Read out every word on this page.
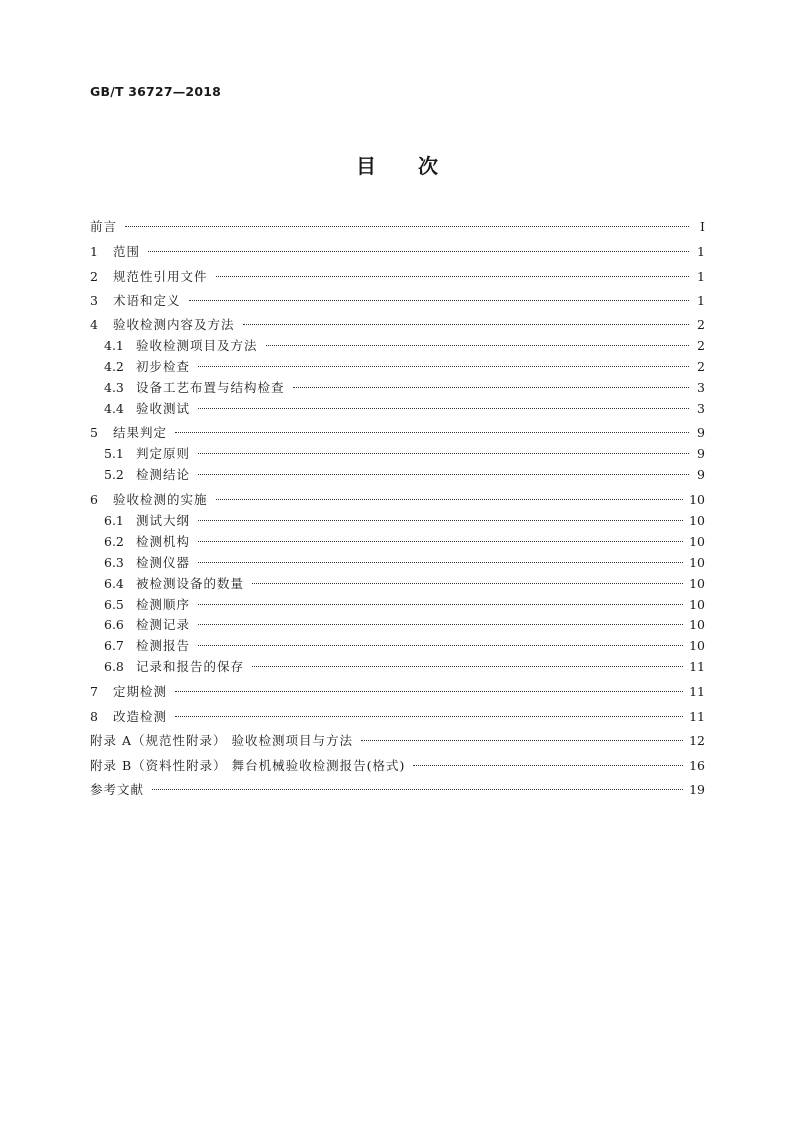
GB/T 36727—2018
目 次
前言	Ⅰ
1	范围	1
2	规范性引用文件	1
3	术语和定义	1
4	验收检测内容及方法	2
4.1 验收检测项目及方法	2
4.2 初步检查	2
4.3 设备工艺布置与结构检查	3
4.4 验收测试	3
5	结果判定	9
5.1 判定原则	9
5.2 检测结论	9
6	验收检测的实施	10
6.1 测试大纲	10
6.2 检测机构	10
6.3 检测仪器	10
6.4 被检测设备的数量	10
6.5 检测顺序	10
6.6 检测记录	10
6.7 检测报告	10
6.8 记录和报告的保存	11
7	定期检测	11
8	改造检测	11
附录 A（规范性附录） 验收检测项目与方法	12
附录 B（资料性附录） 舞台机械验收检测报告(格式)	16
参考文献	19
